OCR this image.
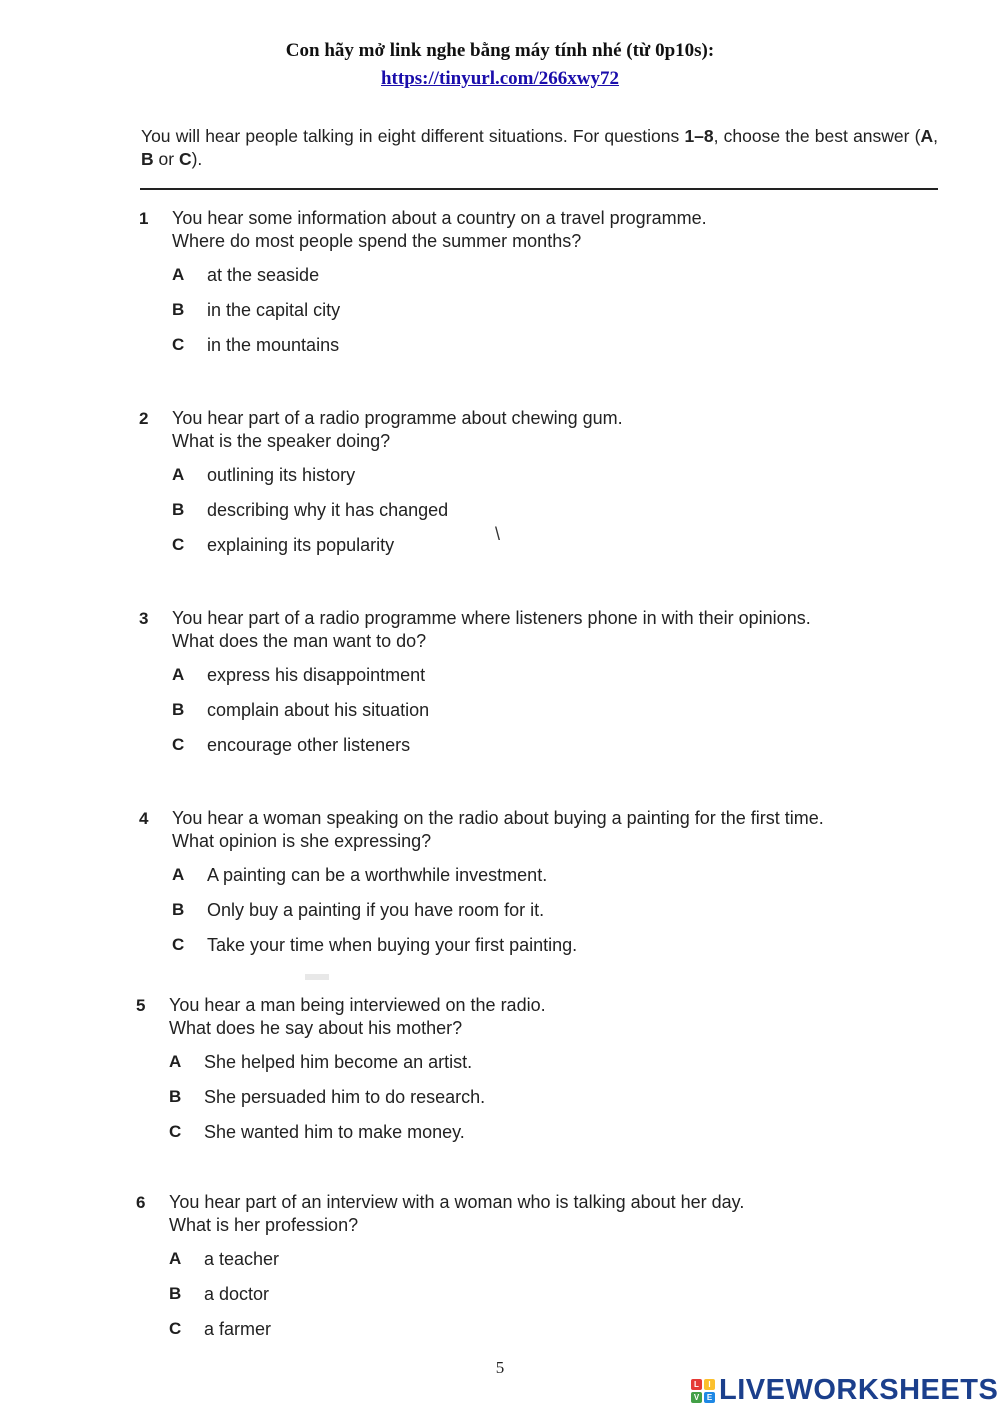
Con hãy mở link nghe bằng máy tính nhé (từ 0p10s):
https://tinyurl.com/266xwy72
You will hear people talking in eight different situations. For questions 1–8, choose the best answer (A, B or C).
1 You hear some information about a country on a travel programme.
Where do most people spend the summer months?
A	at the seaside
B	in the capital city
C	in the mountains
2 You hear part of a radio programme about chewing gum.
What is the speaker doing?
A	outlining its history
B	describing why it has changed
C	explaining its popularity
\
3 You hear part of a radio programme where listeners phone in with their opinions.
What does the man want to do?
A	express his disappointment
B	complain about his situation
C	encourage other listeners
4 You hear a woman speaking on the radio about buying a painting for the first time.
What opinion is she expressing?
A	A painting can be a worthwhile investment.
B	Only buy a painting if you have room for it.
C	Take your time when buying your first painting.
5 You hear a man being interviewed on the radio.
What does he say about his mother?
A	She helped him become an artist.
B	She persuaded him to do research.
C	She wanted him to make money.
6 You hear part of an interview with a woman who is talking about her day.
What is her profession?
A	a teacher
B	a doctor
C	a farmer
5
L	I
V E LIVEWORKSHEETS
